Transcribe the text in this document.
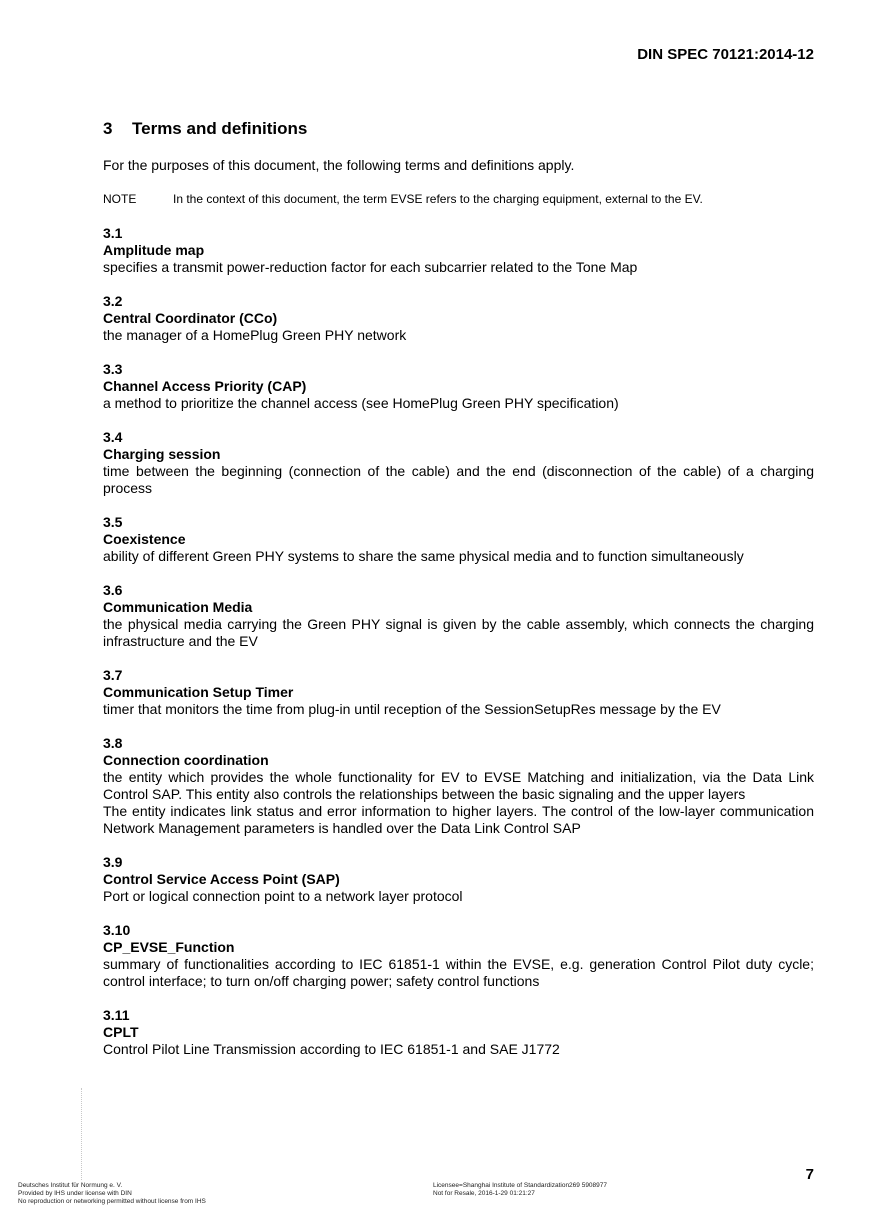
DIN SPEC 70121:2014-12
3 Terms and definitions
For the purposes of this document, the following terms and definitions apply.
NOTE	In the context of this document, the term EVSE refers to the charging equipment, external to the EV.
3.1
Amplitude map

specifies a transmit power-reduction factor for each subcarrier related to the Tone Map

3.2
Central Coordinator (CCo)

the manager of a HomePlug Green PHY network

3.3
Channel Access Priority (CAP)

a method to prioritize the channel access (see HomePlug Green PHY specification)

3.4
Charging session

time between the beginning (connection of the cable) and the end (disconnection of the cable) of a charging process

3.5
Coexistence

ability of different Green PHY systems to share the same physical media and to function simultaneously

3.6
Communication Media

the physical media carrying the Green PHY signal is given by the cable assembly, which connects the charging infrastructure and the EV

3.7
Communication Setup Timer

timer that monitors the time from plug-in until reception of the SessionSetupRes message by the EV

3.8
Connection coordination

the entity which provides the whole functionality for EV to EVSE Matching and initialization, via the Data Link Control SAP. This entity also controls the relationships between the basic signaling and the upper layers

The entity indicates link status and error information to higher layers. The control of the low-layer communication Network Management parameters is handled over the Data Link Control SAP

3.9
Control Service Access Point (SAP)

Port or logical connection point to a network layer protocol

3.10
CP_EVSE_Function

summary of functionalities according to IEC 61851-1 within the EVSE, e.g. generation Control Pilot duty cycle; control interface; to turn on/off charging power; safety control functions

3.11
CPLT

Control Pilot Line Transmission according to IEC 61851-1 and SAE J1772

7
Deutsches Institut für Normung e. V.
Provided by IHS under license with DIN
No reproduction or networking permitted without license from IHS
Licensee=Shanghai Institute of Standardization269 5908977
Not for Resale, 2016-1-29 01:21:27
